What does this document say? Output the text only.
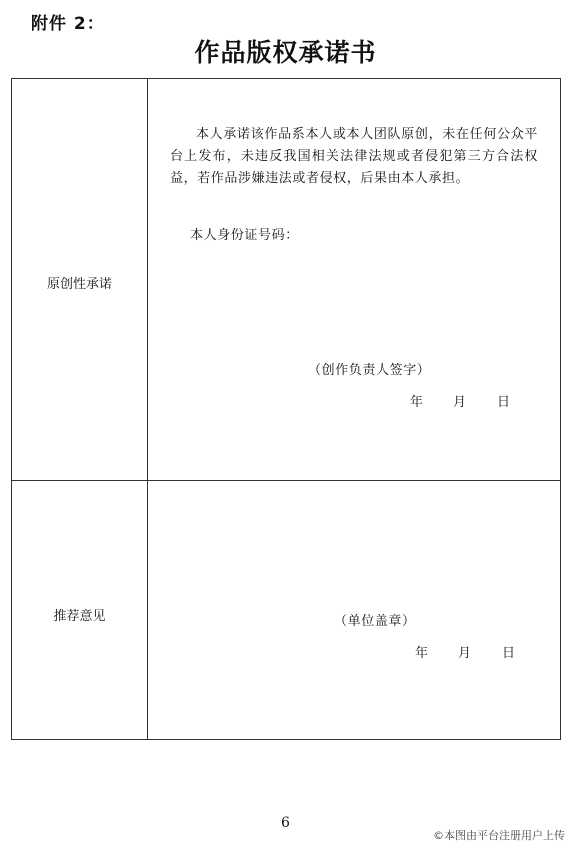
附件 2：
作品版权承诺书
原创性承诺

本人承诺该作品系本人或本人团队原创，未在任何公众平台上发布，未违反我国相关法律法规或者侵犯第三方合法权益，若作品涉嫌违法或者侵权，后果由本人承担。

本人身份证号码：
（创作负责人签字）
年 月 日
推荐意见	（单位盖章）
年 月 日
6
©本图由平台注册用户上传
